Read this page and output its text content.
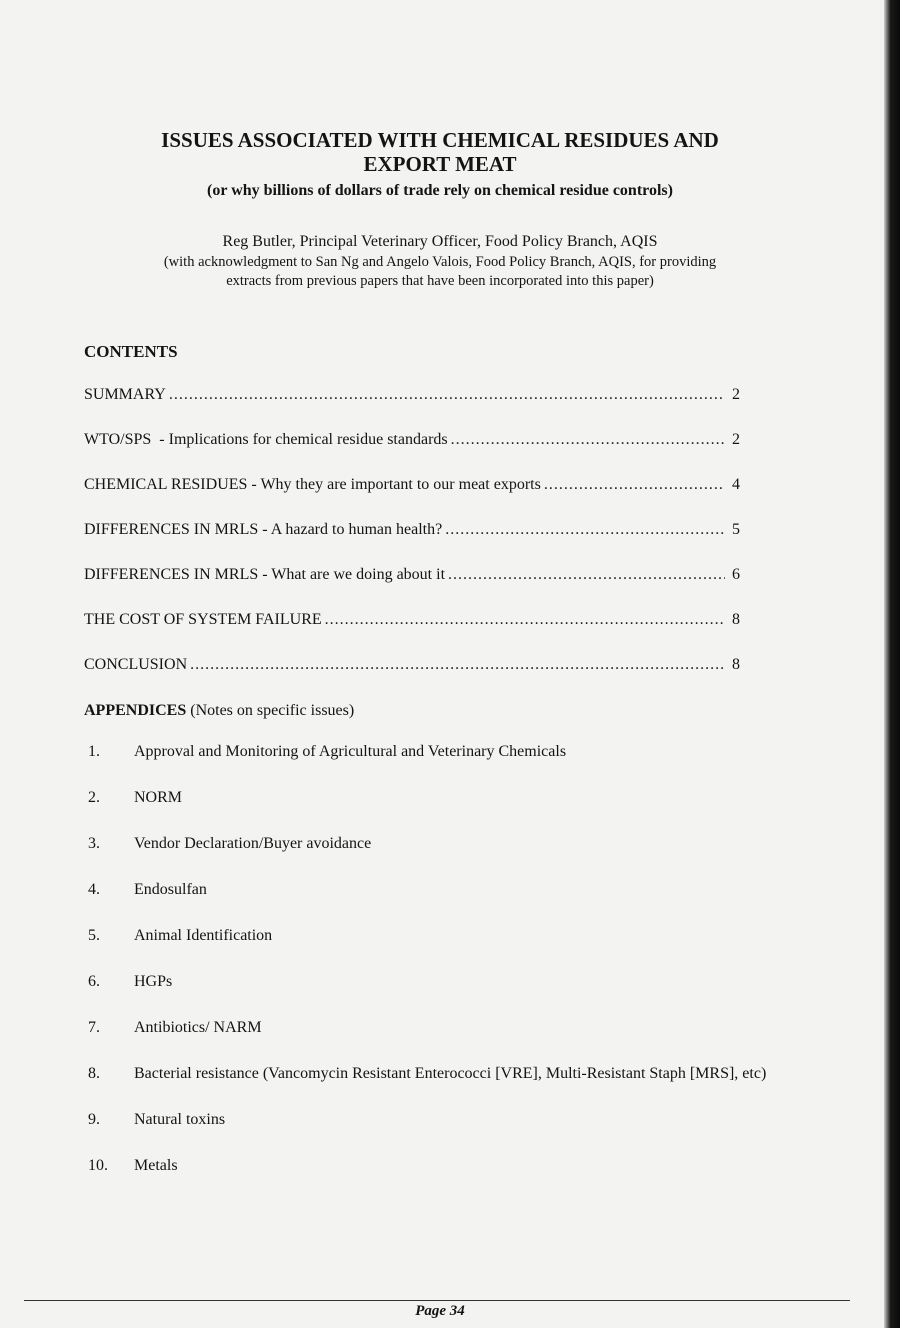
ISSUES ASSOCIATED WITH CHEMICAL RESIDUES AND
EXPORT MEAT
(or why billions of dollars of trade rely on chemical residue controls)
Reg Butler, Principal Veterinary Officer, Food Policy Branch, AQIS
(with acknowledgment to San Ng and Angelo Valois, Food Policy Branch, AQIS, for providing
extracts from previous papers that have been incorporated into this paper)
CONTENTS
SUMMARY .....	2
WTO/SPS  - Implications for chemical residue standards .....	2
CHEMICAL RESIDUES - Why they are important to our meat exports .....	4
DIFFERENCES IN MRLS - A hazard to human health? .....	5
DIFFERENCES IN MRLS - What are we doing about it .....	6
THE COST OF SYSTEM FAILURE .....	8
CONCLUSION .....	8
APPENDICES (Notes on specific issues)
1.	Approval and Monitoring of Agricultural and Veterinary Chemicals
2.	NORM
3.	Vendor Declaration/Buyer avoidance
4.	Endosulfan
5.	Animal Identification
6.	HGPs
7.	Antibiotics/ NARM
8.	Bacterial resistance (Vancomycin Resistant Enterococci [VRE], Multi-Resistant Staph [MRS], etc)
9.	Natural toxins
10.	Metals
Page 34
